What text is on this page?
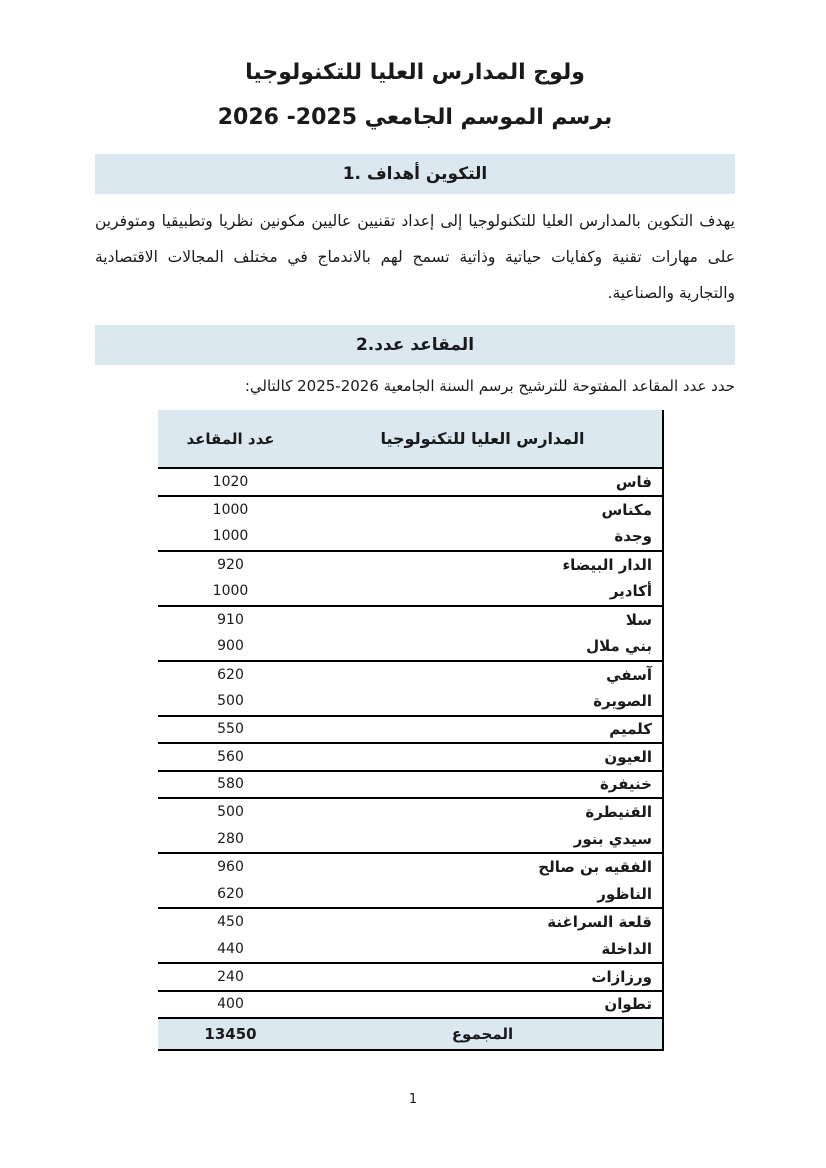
ولوج المدارس العليا للتكنولوجيا
برسم الموسم الجامعي 2025- 2026
1. أهداف‎ التكوين

يهدف التكوين بالمدارس العليا للتكنولوجيا إلى إعداد تقنيين عاليين مكونين نظريا وتطبيقيا ومتوفرين على مهارات تقنية وكفايات حياتية وذاتية تسمح لهم بالاندماج في مختلف المجالات الاقتصادية والتجارية والصناعية.

2.عدد‎ المقاعد

حدد عدد المقاعد المفتوحة للترشيح برسم السنة الجامعية 2026-2025 كالتالي:

المدارس العليا للتكنولوجيا	عدد المقاعد
فاس	1020
مكناس	1000
وجدة	1000
الدار البيضاء	920
أكادير	1000
سلا	910
بني ملال	900
آسفي	620
الصويرة	500
كلميم	550
العيون	560
خنيفرة	580
القنيطرة	500
سيدي بنور	280
الفقيه بن صالح	960
الناظور	620
قلعة السراغنة	450
الداخلة	440
ورزازات	240
تطوان	400
المجموع	13450
1
